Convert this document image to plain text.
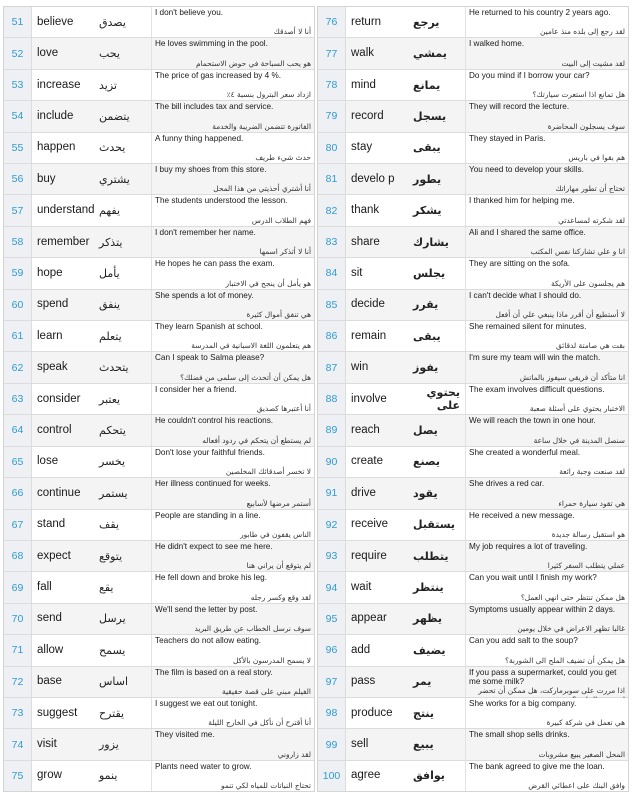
51	believe	يصدق
I don't believe you.
أنا لا أصدقك
52	love	يحب
He loves swimming in the pool.
هو يحب السباحة في حوض الاستحمام
53	increase	تزيد
The price of gas increased by 4 %.
ازداد سعر البترول بنسبة ٤٪
54	include	يتضمن
The bill includes tax and service.
الفاتورة تتضمن الضريبة والخدمة
55	happen	يحدث
A funny thing happened.
حدث شيء طريف
56	buy	يشتري
I buy my shoes from this store.
أنا أشتري أحذيتي من هذا المحل
57	understand يفهم
The students understood the lesson.
فهم الطلاب الدرس
58	remember يتذكر
I don't remember her name.
أنا لا أتذكر اسمها
59	hope	يأمل
He hopes he can pass the exam.
هو يأمل أن ينجح في الاختبار
60	spend	ينفق
She spends a lot of money.
هي تنفق أموال كثيرة
61	learn	يتعلم
They learn Spanish at school.
هم يتعلمون اللغة الاسبانية في المدرسة
62	speak	يتحدث
Can I speak to Salma please?
هل يمكن أن أتحدث إلى سلمى من فضلك؟
63	consider	يعتبر
I consider her a friend.
أنا أعتبرها كصديق
64	control	يتحكم
He couldn't control his reactions.
لم يستطع أن يتحكم في ردود أفعاله
65	lose	يخسر
Don't lose your faithful friends.
لا تخسر أصدقائك المخلصين
66	continue	يستمر
Her illness continued for weeks.
أستمر مرضها لأسابيع
67	stand	يقف
People are standing in a line.
الناس يقفون في طابور
68	expect	يتوقع
He didn't expect to see me here.
لم يتوقع أن يراني هنا
69	fall	يقع
He fell down and broke his leg.
لقد وقع وكسر رجله
70	send	يرسل
We'll send the letter by post.
سوف نرسل الخطاب عن طريق البريد
71	allow	يسمح
Teachers do not allow eating.
لا يسمح المدرسون بالأكل
72	base	اساس
The film is based on a real story.
الفيلم مبني على قصة حقيقية
73	suggest	يقترح
I suggest we eat out tonight.
أنا أقترح أن نأكل في الخارج الليلة
74	visit	يزور
They visited me.
لقد زاروني
75	grow	ينمو
Plants need water to grow.
تحتاج النباتات للمياه لكي تنمو
76	return	يرجع
He returned to his country 2 years ago.
لقد رجع إلى بلده منذ عامين
77	walk	يمشي
I walked home.
لقد مشيت إلى البيت
78	mind	يمانع
Do you mind if I borrow your car?
هل تمانع اذا استعرت سيارتك؟
79	record	يسجل
They will record the lecture.
سوف يسجلون المحاضرة
80	stay	يبقى
They stayed in Paris.
هم بقوا في باريس
81	develo p	يطور
You need to develop your skills.
تحتاج أن تطور مهاراتك
82	thank	يشكر
I thanked him for helping me.
لقد شكرته لمساعدتي
83	share	يشارك
Ali and I shared the same office.
انا و علي تشاركنا نفس المكتب
84	sit	يجلس
They are sitting on the sofa.
هم يجلسون على الأريكة
85	decide	يقرر
I can't decide what I should do.
لا أستطيع أن أقرر ماذا ينبغي علي أن أفعل
86	remain	يبقى
She remained silent for minutes.
بقت هي صامتة لدقائق
87	win	يفوز
I'm sure my team will win the match.
انا متأكد أن فريقي سيفوز بالماتش
88	involve	يحتوي على
The exam involves difficult questions.
الاختبار يحتوي على أسئلة صعبة
89	reach	يصل
We will reach the town in one hour.
سنصل المدينة في خلال ساعة
90	create	يصنع
She created a wonderful meal.
لقد صنعت وجبة رائعة
91	drive	يقود
She drives a red car.
هي تقود سيارة حمراء
92	receive	يستقبل
He received a new message.
هو استقبل رسالة جديدة
93	require	يتطلب
My job requires a lot of traveling.
عملي يتطلب السفر كثيرا
94	wait	ينتظر
Can you wait until I finish my work?
هل ممكن تنتظر حتى انهي العمل؟
95	appear	يظهر
Symptoms usually appear within 2 days.
غالبا تظهر الاعراض في خلال يومين
96	add	يضيف
Can you add salt to the soup?
هل يمكن أن تضيف الملح الى الشوربة؟
97	pass	يمر
If you pass a supermarket, could you get me some milk?
اذا مررت على سوبرماركت، هل ممكن أن تحضر
98	produce	ينتج
She works for a big company.
هي تعمل في شركة كبيرة
99	sell	يبيع
The small shop sells drinks.
المحل الصغير يبيع مشروبات
100 agree	يوافق
The bank agreed to give me the loan.
وافق البنك على اعطائي القرض
